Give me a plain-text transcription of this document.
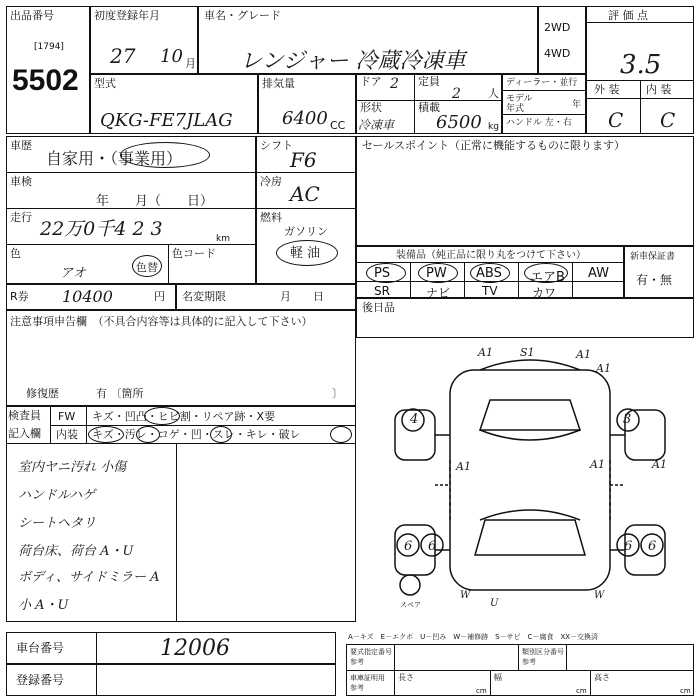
出品番号
[1794]
5502
初度登録年月
27 10 月
車名・グレード
レンジャー 冷蔵冷凍車
2WD
4WD
評 価 点
3.5
外 装 内 装
C C
型式
QKG-FE7JLAG
排気量
6400 CC
ドア 2 定員
2 人
形状
冷凍車
積載
6500 kg
ディーラー・並行
モデル
年式	年
ハンドル 左・右
車歴
自家用・（事業用）
車検
年　　月（　　日）
走行
22万0千4 2 3	km
色
アオ	色替
色コード
シフト
F6
冷房
AC
燃料
ガソリン
軽 油
セールスポイント（正常に機能するものに限ります）
装備品（純正品に限り丸をつけて下さい）
PS	PW ABS エアB AW
SR	ナビ	TV	カワ
新車保証書
有・無
R券 10400	円 名変期限	月　　日
後日品
注意事項申告欄　（不具合内容等は具体的に記入して下さい）
修復歴	有 〔箇所	〕
検査員
記入欄
FW キズ・凹凸・ヒビ割・リペア跡・X要
内装 キズ・汚レ・コゲ・凹・スレ・キレ・破レ
室内ヤニ汚れ 小傷
ハンドルハゲ
シートヘタリ
荷台床、荷台 A・U
ボディ、サイドミラー A
小 A・U
A1 S1	A1
A1
4	3
A1	A1	A1
6 6	6 6
W	W
U
スペア
車台番号	12006
登録番号
A－キズ　E－エクボ　U－凹み　W－補修跡　S－サビ　C－腐食　XX－交換済
要式指定番号
参考
類別区分番号
参考
車庫証明用
参考
長さ	幅	高さ
cm	cm	cm
